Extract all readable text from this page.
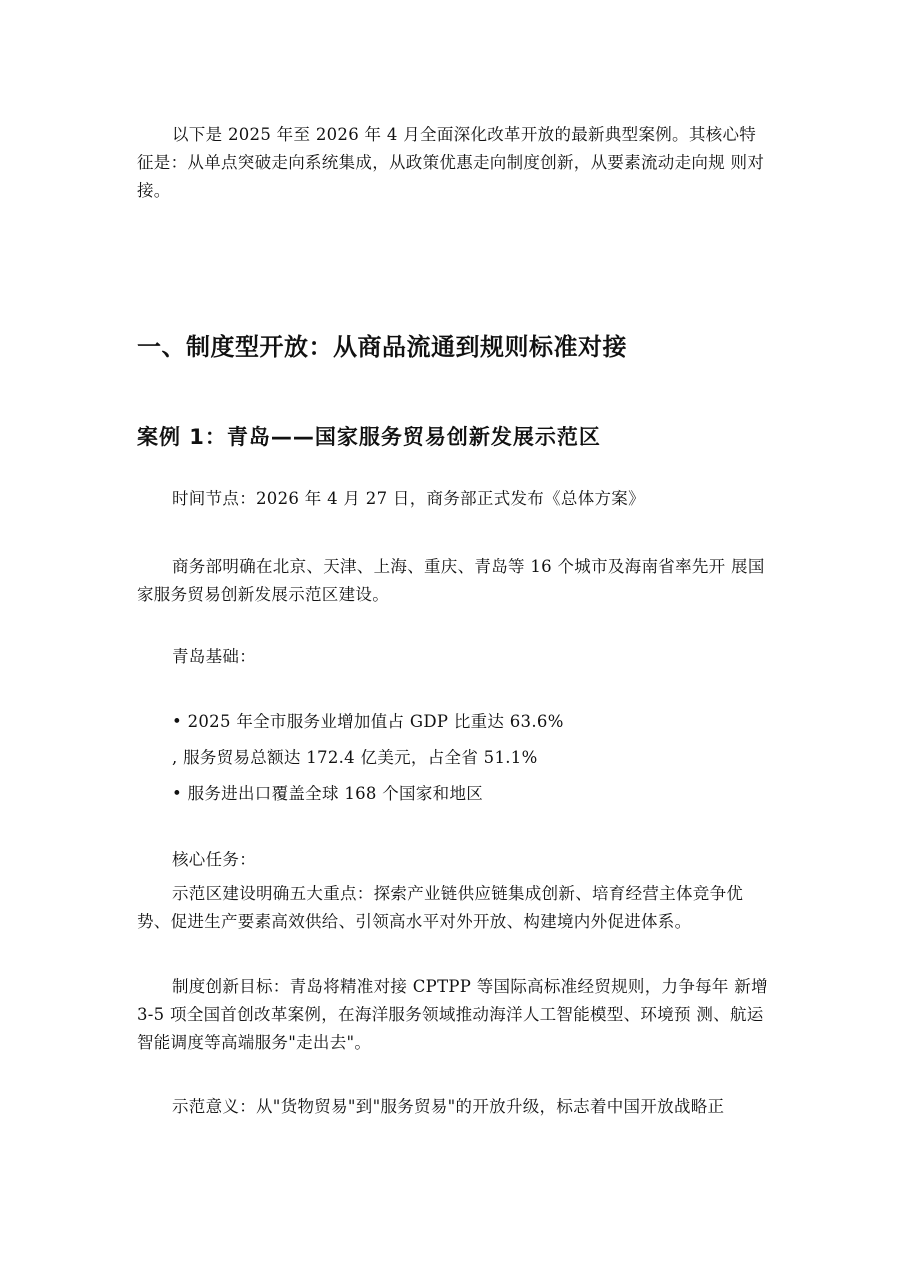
以下是 2025 年至 2026 年 4 月全面深化改革开放的最新典型案例。其核心特 征是：从单点突破走向系统集成，从政策优惠走向制度创新，从要素流动走向规 则对接。

一、制度型开放：从商品流通到规则标准对接
案例 1：青岛——国家服务贸易创新发展示范区

时间节点：2026 年 4 月 27 日，商务部正式发布《总体方案》

商务部明确在北京、天津、上海、重庆、青岛等 16 个城市及海南省率先开 展国家服务贸易创新发展示范区建设。

青岛基础：

• 2025 年全市服务业增加值占 GDP 比重达 63.6%

, 服务贸易总额达 172.4 亿美元，占全省 51.1%

• 服务进出口覆盖全球 168 个国家和地区

核心任务：

示范区建设明确五大重点：探索产业链供应链集成创新、培育经营主体竞争优势、促进生产要素高效供给、引领高水平对外开放、构建境内外促进体系。

制度创新目标：青岛将精准对接 CPTPP 等国际高标准经贸规则，力争每年 新增 3-5 项全国首创改革案例，在海洋服务领域推动海洋人工智能模型、环境预 测、航运智能调度等高端服务"走出去"。

示范意义：从"货物贸易"到"服务贸易"的开放升级，标志着中国开放战略正
